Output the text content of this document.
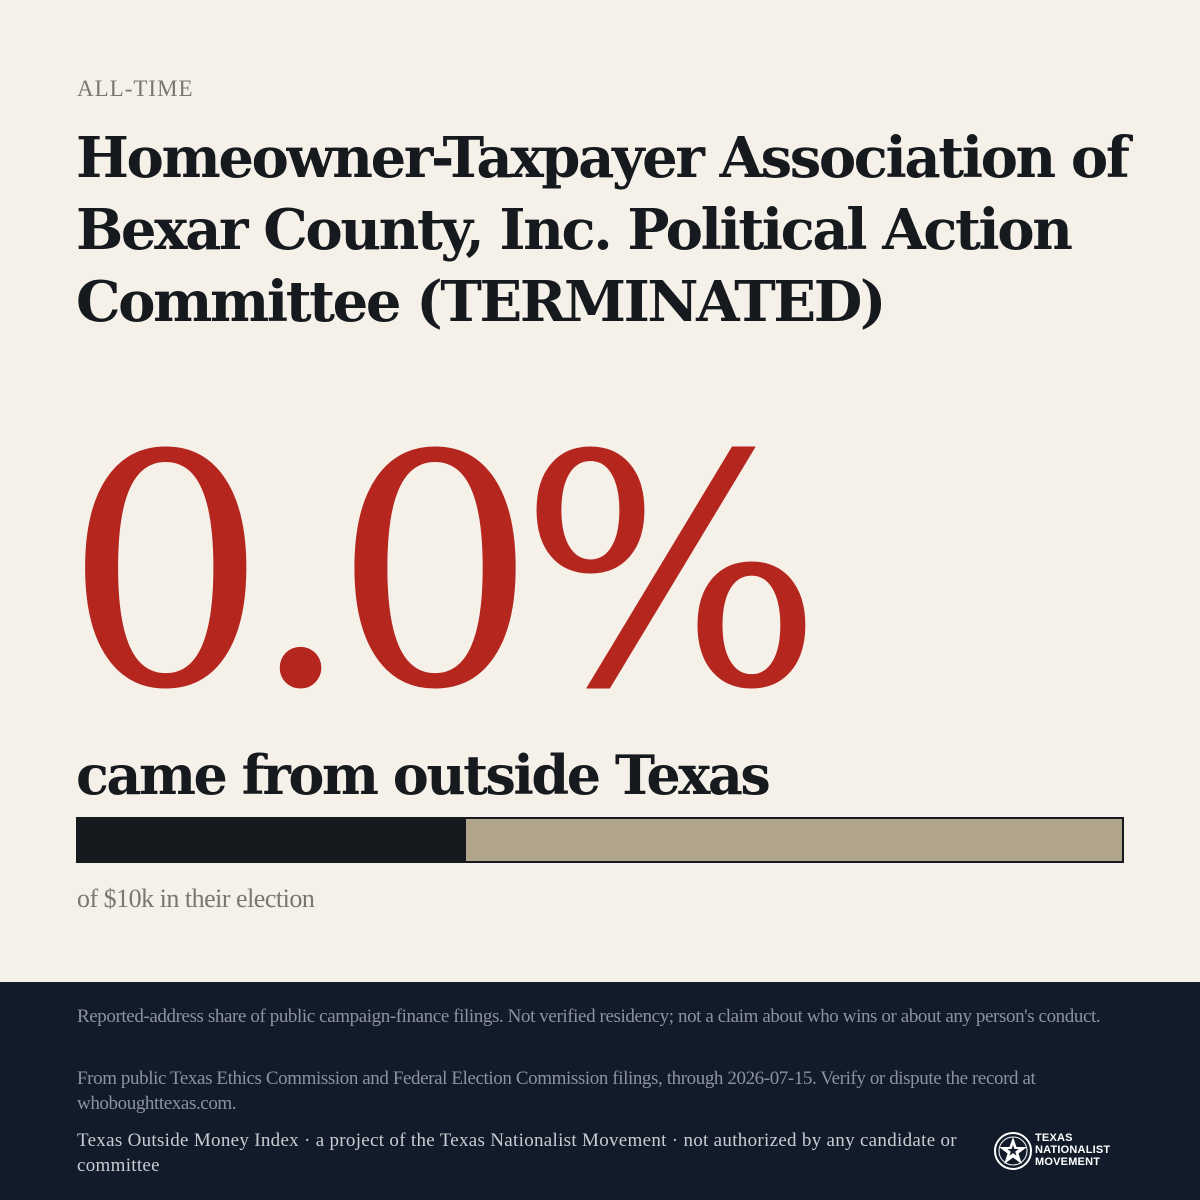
ALL-TIME
Homeowner-Taxpayer Association of Bexar County, Inc. Political Action Committee (TERMINATED)
0.0%
came from outside Texas
of $10k in their election

Reported-address share of public campaign-finance filings. Not verified residency; not a claim about who wins or about any person's conduct.

From public Texas Ethics Commission and Federal Election Commission filings, through 2026-07-15. Verify or dispute the record at whoboughttexas.com.

Texas Outside Money Index · a project of the Texas Nationalist Movement · not authorized by any candidate or committee

TEXAS
NATIONALIST
MOVEMENT
